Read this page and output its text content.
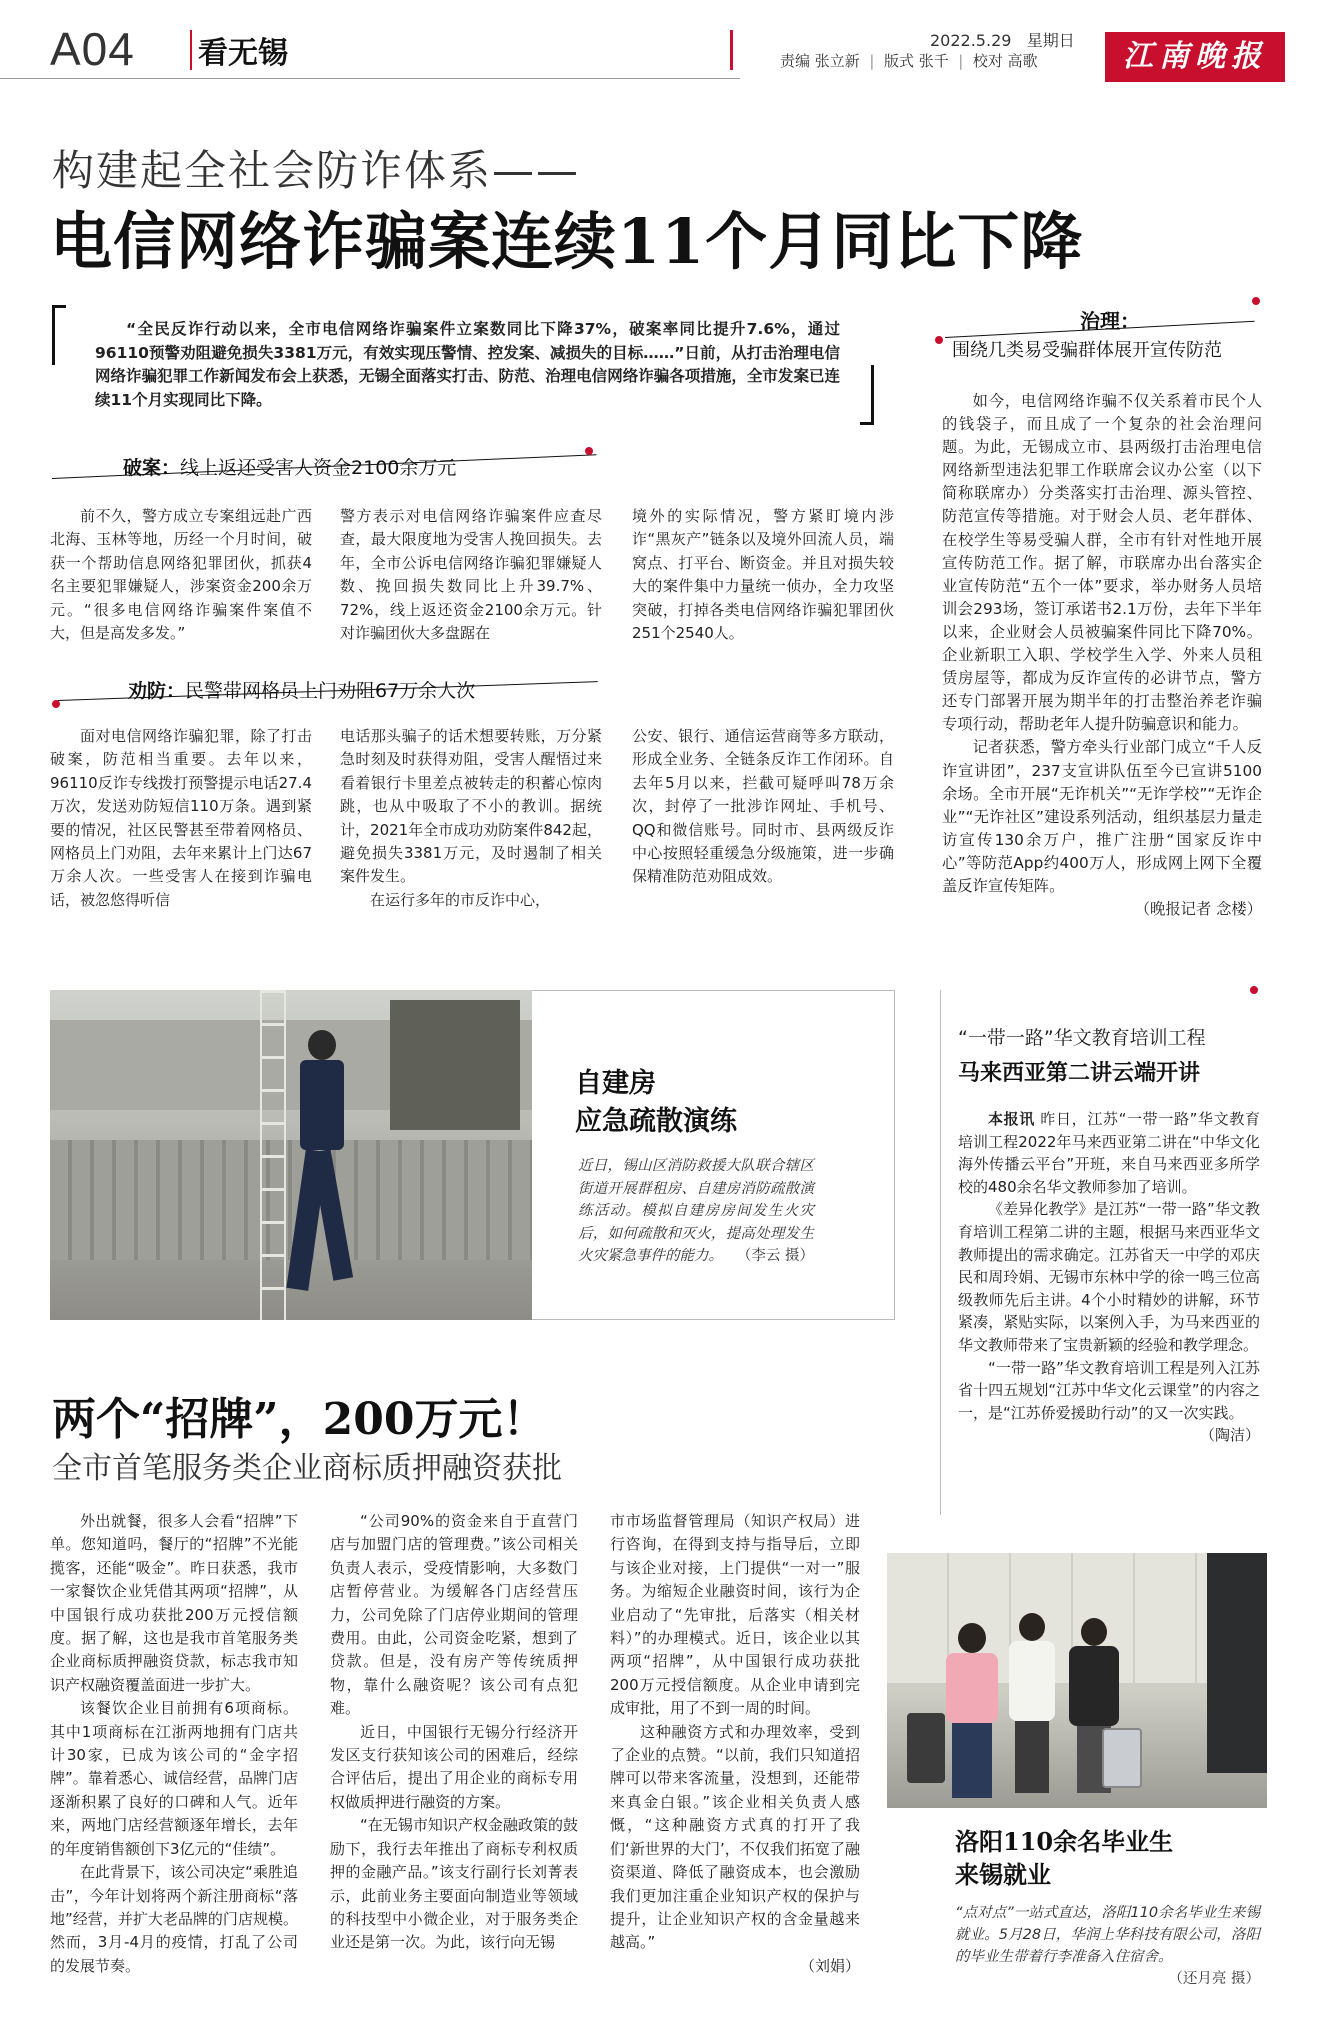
A04 看无锡	2022.5.29 星期日
责编 张立新  |  版式 张千  |  校对 高歌	江南晚报
构建起全社会防诈体系——
电信网络诈骗案连续11个月同比下降

“全民反诈行动以来，全市电信网络诈骗案件立案数同比下降37%，破案率同比提升7.6%，通过96110预警劝阻避免损失3381万元，有效实现压警情、控发案、减损失的目标……”日前，从打击治理电信网络诈骗犯罪工作新闻发布会上获悉，无锡全面落实打击、防范、治理电信网络诈骗各项措施，全市发案已连续11个月实现同比下降。

破案：线上返还受害人资金2100余万元

前不久，警方成立专案组远赴广西北海、玉林等地，历经一个月时间，破获一个帮助信息网络犯罪团伙，抓获4名主要犯罪嫌疑人，涉案资金200余万元。“很多电信网络诈骗案件案值不大，但是高发多发。”

警方表示对电信网络诈骗案件应查尽查，最大限度地为受害人挽回损失。去年，全市公诉电信网络诈骗犯罪嫌疑人数、挽回损失数同比上升39.7%、72%，线上返还资金2100余万元。针对诈骗团伙大多盘踞在

境外的实际情况，警方紧盯境内涉诈“黑灰产”链条以及境外回流人员，端窝点、打平台、断资金。并且对损失较大的案件集中力量统一侦办，全力攻坚突破，打掉各类电信网络诈骗犯罪团伙251个2540人。

劝防：民警带网格员上门劝阻67万余人次

面对电信网络诈骗犯罪，除了打击破案，防范相当重要。去年以来，96110反诈专线拨打预警提示电话27.4万次，发送劝防短信110万条。遇到紧要的情况，社区民警甚至带着网格员、网格员上门劝阻，去年来累计上门达67万余人次。一些受害人在接到诈骗电话，被忽悠得听信

电话那头骗子的话术想要转账，万分紧急时刻及时获得劝阻，受害人醒悟过来看着银行卡里差点被转走的积蓄心惊肉跳，也从中吸取了不小的教训。据统计，2021年全市成功劝防案件842起，避免损失3381万元，及时遏制了相关案件发生。

在运行多年的市反诈中心，

公安、银行、通信运营商等多方联动，形成全业务、全链条反诈工作闭环。自去年5月以来，拦截可疑呼叫78万余次，封停了一批涉诈网址、手机号、QQ和微信账号。同时市、县两级反诈中心按照轻重缓急分级施策，进一步确保精准防范劝阻成效。

治理：
围绕几类易受骗群体展开宣传防范

如今，电信网络诈骗不仅关系着市民个人的钱袋子，而且成了一个复杂的社会治理问题。为此，无锡成立市、县两级打击治理电信网络新型违法犯罪工作联席会议办公室（以下简称联席办）分类落实打击治理、源头管控、防范宣传等措施。对于财会人员、老年群体、在校学生等易受骗人群，全市有针对性地开展宣传防范工作。据了解，市联席办出台落实企业宣传防范“五个一体”要求，举办财务人员培训会293场，签订承诺书2.1万份，去年下半年以来，企业财会人员被骗案件同比下降70%。企业新职工入职、学校学生入学、外来人员租赁房屋等，都成为反诈宣传的必讲节点，警方还专门部署开展为期半年的打击整治养老诈骗专项行动，帮助老年人提升防骗意识和能力。

记者获悉，警方牵头行业部门成立“千人反诈宣讲团”，237支宣讲队伍至今已宣讲5100余场。全市开展“无诈机关”“无诈学校”“无诈企业”“无诈社区”建设系列活动，组织基层力量走访宣传130余万户，推广注册“国家反诈中心”等防范App约400万人，形成网上网下全覆盖反诈宣传矩阵。

（晚报记者 念楼）

自建房
应急疏散演练
近日，锡山区消防救援大队联合辖区街道开展群租房、自建房消防疏散演练活动。模拟自建房房间发生火灾后，如何疏散和灭火，提高处理发生火灾紧急事件的能力。 （李云 摄）
两个“招牌”，200万元！
全市首笔服务类企业商标质押融资获批

外出就餐，很多人会看“招牌”下单。您知道吗，餐厅的“招牌”不光能揽客，还能“吸金”。昨日获悉，我市一家餐饮企业凭借其两项“招牌”，从中国银行成功获批200万元授信额度。据了解，这也是我市首笔服务类企业商标质押融资贷款，标志我市知识产权融资覆盖面进一步扩大。

该餐饮企业目前拥有6项商标。其中1项商标在江浙两地拥有门店共计30家，已成为该公司的“金字招牌”。靠着悉心、诚信经营，品牌门店逐渐积累了良好的口碑和人气。近年来，两地门店经营额逐年增长，去年的年度销售额创下3亿元的“佳绩”。

在此背景下，该公司决定“乘胜追击”，今年计划将两个新注册商标“落地”经营，并扩大老品牌的门店规模。然而，3月-4月的疫情，打乱了公司的发展节奏。

“公司90%的资金来自于直营门店与加盟门店的管理费。”该公司相关负责人表示，受疫情影响，大多数门店暂停营业。为缓解各门店经营压力，公司免除了门店停业期间的管理费用。由此，公司资金吃紧，想到了贷款。但是，没有房产等传统质押物，靠什么融资呢？该公司有点犯难。

近日，中国银行无锡分行经济开发区支行获知该公司的困难后，经综合评估后，提出了用企业的商标专用权做质押进行融资的方案。

“在无锡市知识产权金融政策的鼓励下，我行去年推出了商标专利权质押的金融产品。”该支行副行长刘菁表示，此前业务主要面向制造业等领域的科技型中小微企业，对于服务类企业还是第一次。为此，该行向无锡

市市场监督管理局（知识产权局）进行咨询，在得到支持与指导后，立即与该企业对接，上门提供“一对一”服务。为缩短企业融资时间，该行为企业启动了“先审批，后落实（相关材料）”的办理模式。近日，该企业以其两项“招牌”，从中国银行成功获批200万元授信额度。从企业申请到完成审批，用了不到一周的时间。

这种融资方式和办理效率，受到了企业的点赞。“以前，我们只知道招牌可以带来客流量，没想到，还能带来真金白银。”该企业相关负责人感慨，“这种融资方式真的打开了我们‘新世界的大门’，不仅我们拓宽了融资渠道、降低了融资成本，也会激励我们更加注重企业知识产权的保护与提升，让企业知识产权的含金量越来越高。”

（刘娟）

“一带一路”华文教育培训工程
马来西亚第二讲云端开讲

本报讯 昨日，江苏“一带一路”华文教育培训工程2022年马来西亚第二讲在“中华文化海外传播云平台”开班，来自马来西亚多所学校的480余名华文教师参加了培训。

《差异化教学》是江苏“一带一路”华文教育培训工程第二讲的主题，根据马来西亚华文教师提出的需求确定。江苏省天一中学的邓庆民和周玲娟、无锡市东林中学的徐一鸣三位高级教师先后主讲。4个小时精妙的讲解，环节紧凑，紧贴实际，以案例入手，为马来西亚的华文教师带来了宝贵新颖的经验和教学理念。

“一带一路”华文教育培训工程是列入江苏省十四五规划“江苏中华文化云课堂”的内容之一，是“江苏侨爱援助行动”的又一次实践。
（陶洁）

洛阳110余名毕业生
来锡就业
“点对点”一站式直达，洛阳110余名毕业生来锡就业。5月28日，华润上华科技有限公司，洛阳的毕业生带着行李准备入住宿舍。
（还月亮 摄）
